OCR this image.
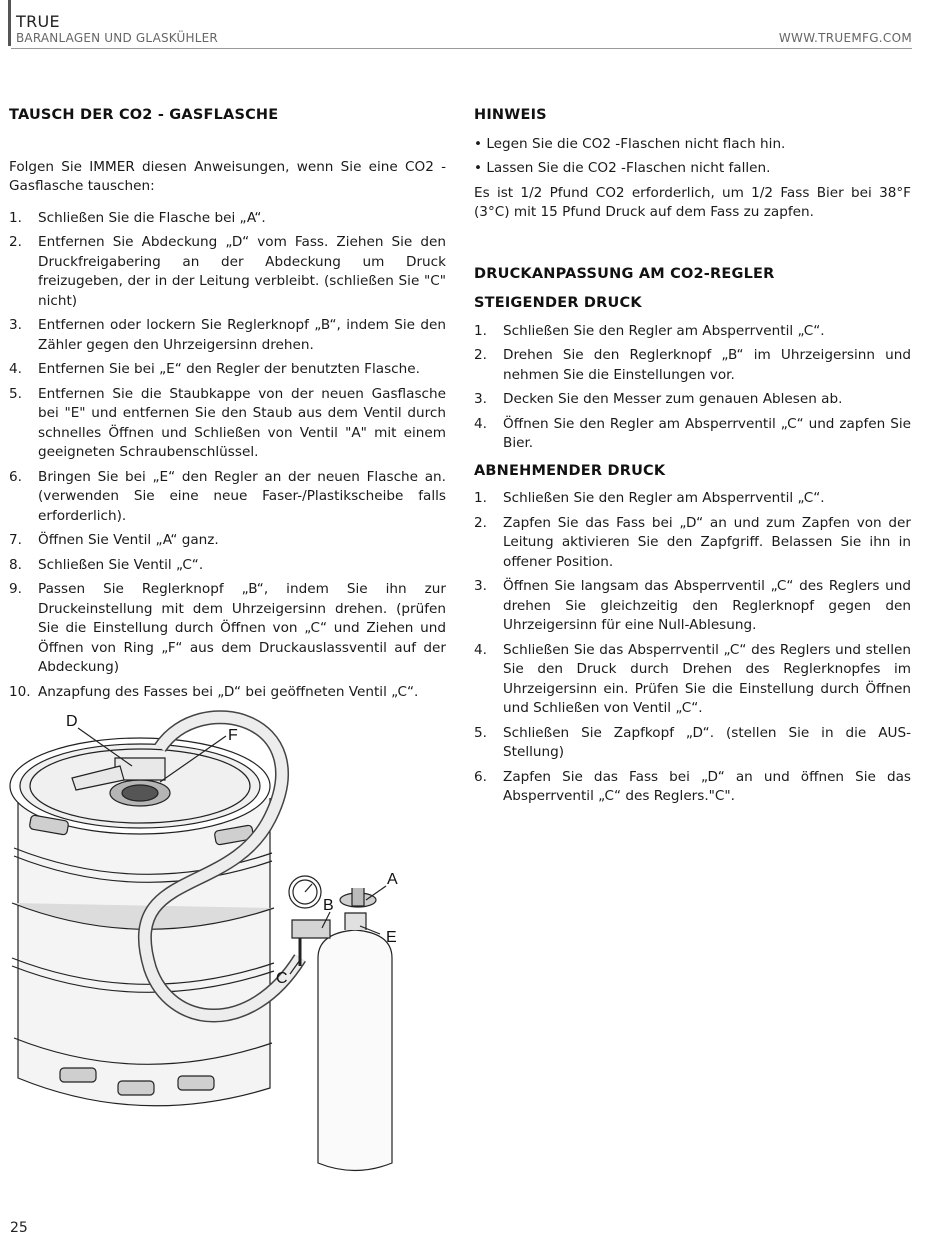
TRUE
BARANLAGEN UND GLASKÜHLER	WWW.TRUEMFG.COM
TAUSCH DER CO2 - GASFLASCHE

Folgen Sie IMMER diesen Anweisungen, wenn Sie eine CO2 - Gasflasche tauschen:

1.	Schließen Sie die Flasche bei „A“.
2.	Entfernen Sie Abdeckung „D“ vom Fass. Ziehen Sie den Druckfreigabering an der Abdeckung um Druck freizugeben, der in der Leitung verbleibt. (schließen Sie "C" nicht)
3.	Entfernen oder lockern Sie Reglerknopf „B“, indem Sie den Zähler gegen den Uhrzeigersinn drehen.
4.	Entfernen Sie bei „E“ den Regler der benutzten Flasche.
5.	Entfernen Sie die Staubkappe von der neuen Gasflasche bei "E" und entfernen Sie den Staub aus dem Ventil durch schnelles Öffnen und Schließen von Ventil "A" mit einem geeigneten Schraubenschlüssel.
6.	Bringen Sie bei „E“ den Regler an der neuen Flasche an. (verwenden Sie eine neue Faser-/Plastikscheibe falls erforderlich).
7.	Öffnen Sie Ventil „A“ ganz.
8.	Schließen Sie Ventil „C“.
9.	Passen Sie Reglerknopf „B“, indem Sie ihn zur Druckeinstellung mit dem Uhrzeigersinn drehen. (prüfen Sie die Einstellung durch Öffnen von „C“ und Ziehen und Öffnen von Ring „F“ aus dem Druckauslassventil auf der Abdeckung)
10. Anzapfung des Fasses bei „D“ bei geöffneten Ventil „C“.
HINWEIS
• Legen Sie die CO2 -Flaschen nicht flach hin.
• Lassen Sie die CO2 -Flaschen nicht fallen.

Es ist 1/2 Pfund CO2 erforderlich, um 1/2 Fass Bier bei 38°F (3°C) mit 15 Pfund Druck auf dem Fass zu zapfen.

DRUCKANPASSUNG AM CO2-REGLER
STEIGENDER DRUCK
1.	Schließen Sie den Regler am Absperrventil „C“.
2.	Drehen Sie den Reglerknopf „B“ im Uhrzeigersinn und nehmen Sie die Einstellungen vor.
3.	Decken Sie den Messer zum genauen Ablesen ab.
4.	Öffnen Sie den Regler am Absperrventil „C“ und zapfen Sie Bier.
ABNEHMENDER DRUCK
1.	Schließen Sie den Regler am Absperrventil „C“.
2.	Zapfen Sie das Fass bei „D“ an und zum Zapfen von der Leitung aktivieren Sie den Zapfgriff. Belassen Sie ihn in offener Position.
3.	Öffnen Sie langsam das Absperrventil „C“ des Reglers und drehen Sie gleichzeitig den Reglerknopf gegen den Uhrzeigersinn für eine Null-Ablesung.
4.	Schließen Sie das Absperrventil „C“ des Reglers und stellen Sie den Druck durch Drehen des Reglerknopfes im Uhrzeigersinn ein. Prüfen Sie die Einstellung durch Öffnen und Schließen von Ventil „C“.
5.	Schließen Sie Zapfkopf „D“. (stellen Sie in die AUS-Stellung)
6.	Zapfen Sie das Fass bei „D“ an und öffnen Sie das Absperrventil „C“ des Reglers."C".
D
F
A
B
E
C
25
